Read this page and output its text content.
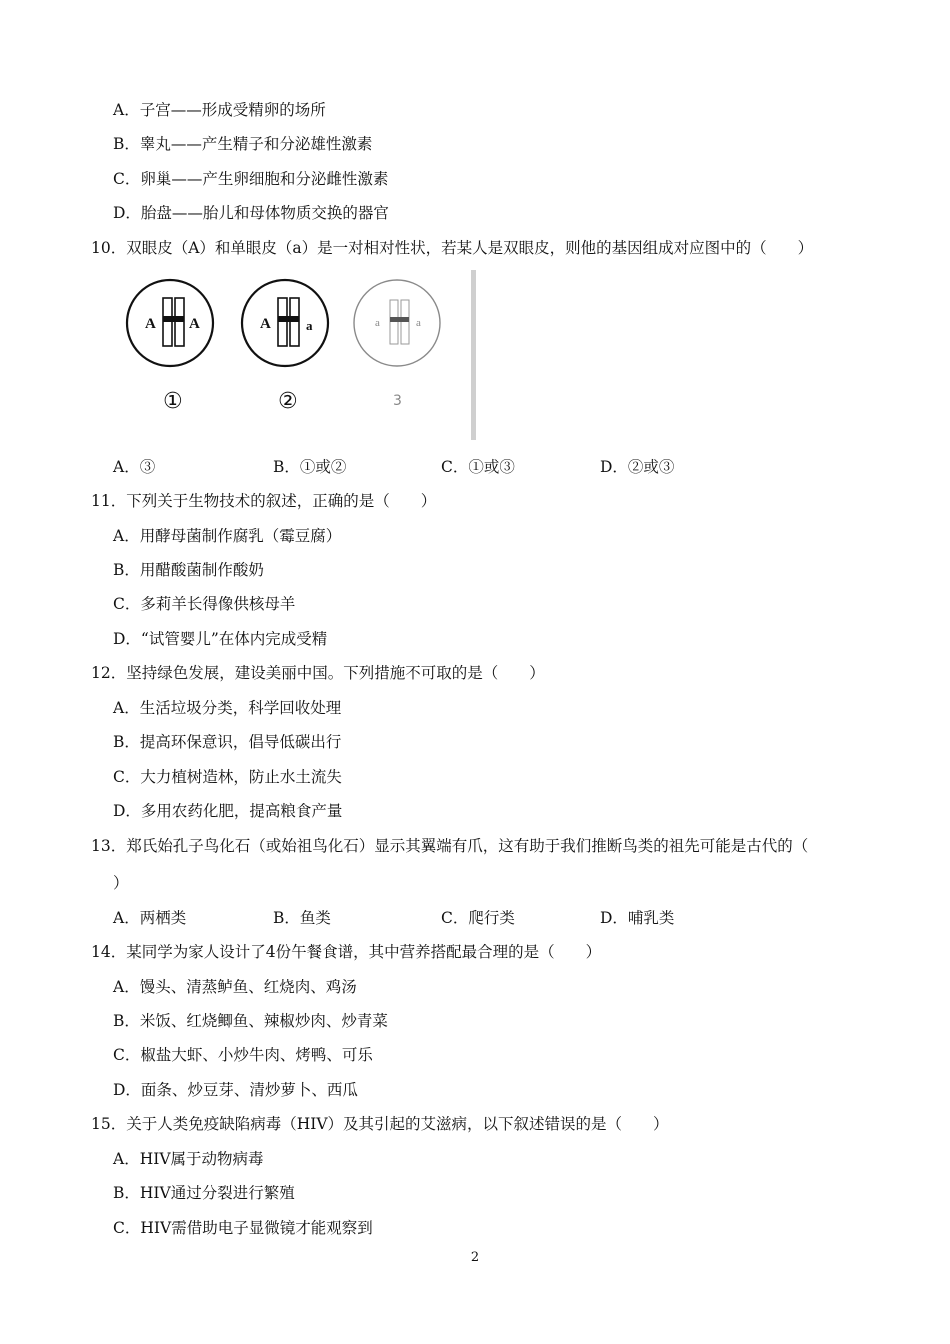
A．子宫——形成受精卵的场所
B．睾丸——产生精子和分泌雄性激素
C．卵巢——产生卵细胞和分泌雌性激素
D．胎盘——胎儿和母体物质交换的器官
10．双眼皮（A）和单眼皮（a）是一对相对性状，若某人是双眼皮，则他的基因组成对应图中的（　　）
A A
①
A	a
②
a	a
3
A．③	B．①或②	C．①或③	D．②或③
11．下列关于生物技术的叙述，正确的是（　　）
A．用酵母菌制作腐乳（霉豆腐）
B．用醋酸菌制作酸奶
C．多莉羊长得像供核母羊
D．“试管婴儿”在体内完成受精
12．坚持绿色发展，建设美丽中国。下列措施不可取的是（　　）
A．生活垃圾分类，科学回收处理
B．提高环保意识，倡导低碳出行
C．大力植树造林，防止水土流失
D．多用农药化肥，提高粮食产量
13．郑氏始孔子鸟化石（或始祖鸟化石）显示其翼端有爪，这有助于我们推断鸟类的祖先可能是古代的（
）
A．两栖类	B．鱼类	C．爬行类	D．哺乳类
14．某同学为家人设计了4份午餐食谱，其中营养搭配最合理的是（　　）
A．馒头、清蒸鲈鱼、红烧肉、鸡汤
B．米饭、红烧鲫鱼、辣椒炒肉、炒青菜
C．椒盐大虾、小炒牛肉、烤鸭、可乐
D．面条、炒豆芽、清炒萝卜、西瓜
15．关于人类免疫缺陷病毒（HIV）及其引起的艾滋病，以下叙述错误的是（　　）
A．HIV属于动物病毒
B．HIV通过分裂进行繁殖
C．HIV需借助电子显微镜才能观察到
2
